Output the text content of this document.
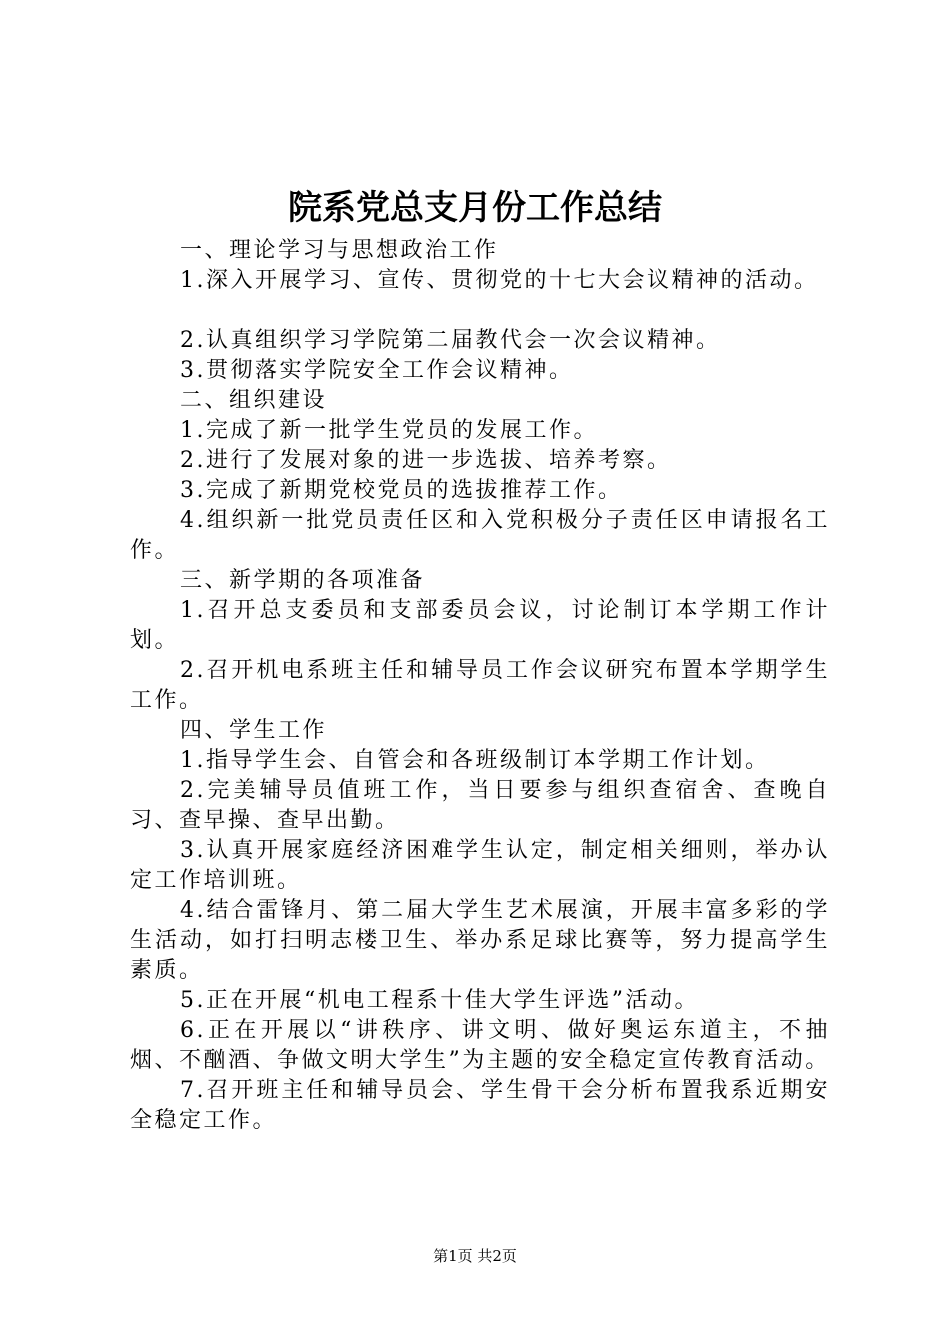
院系党总支月份工作总结

一、理论学习与思想政治工作

1.深入开展学习、宣传、贯彻党的十七大会议精神的活动。

2.认真组织学习学院第二届教代会一次会议精神。

3.贯彻落实学院安全工作会议精神。

二、组织建设

1.完成了新一批学生党员的发展工作。

2.进行了发展对象的进一步选拔、培养考察。

3.完成了新期党校党员的选拔推荐工作。

4.组织新一批党员责任区和入党积极分子责任区申请报名工作。

三、新学期的各项准备

1.召开总支委员和支部委员会议，讨论制订本学期工作计划。

2.召开机电系班主任和辅导员工作会议研究布置本学期学生工作。

四、学生工作

1.指导学生会、自管会和各班级制订本学期工作计划。

2.完美辅导员值班工作，当日要参与组织查宿舍、查晚自习、查早操、查早出勤。

3.认真开展家庭经济困难学生认定，制定相关细则，举办认定工作培训班。

4.结合雷锋月、第二届大学生艺术展演，开展丰富多彩的学生活动，如打扫明志楼卫生、举办系足球比赛等，努力提高学生素质。

5.正在开展“机电工程系十佳大学生评选”活动。

6.正在开展以“讲秩序、讲文明、做好奥运东道主，不抽烟、不酗酒、争做文明大学生”为主题的安全稳定宣传教育活动。

7.召开班主任和辅导员会、学生骨干会分析布置我系近期安全稳定工作。

第1页 共2页
